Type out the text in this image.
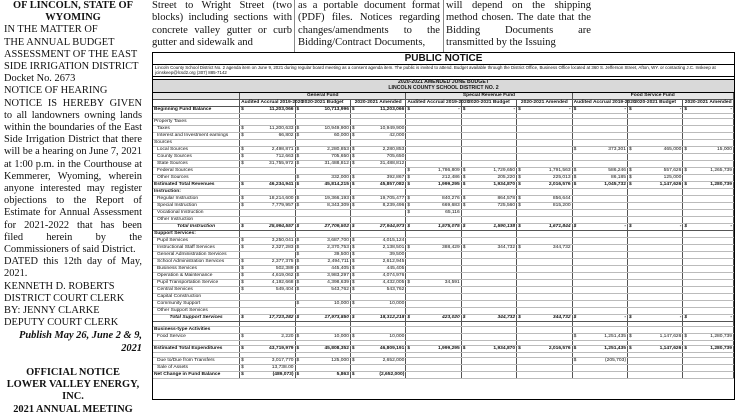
OF LINCOLN, STATE OF WYOMING
IN THE MATTER OF
THE ANNUAL BUDGET
ASSESSMENT OF THE EAST
SIDE IRRIGATION DISTRICT
Docket No. 2673
NOTICE OF HEARING
NOTICE IS HEREBY GIVEN to all landowners owning lands within the boundaries of the East Side Irrigation District that there will be a hearing on June 7, 2021 at 1:00 p.m. in the Courthouse at Kemmerer, Wyoming, wherein anyone interested may register objections to the Report of Estimate for Annual Assessment for 2021-2022 that has been filed herein by the Commissioners of said District.
DATED this 12th day of May, 2021.
KENNETH D. ROBERTS
DISTRICT COURT CLERK
BY: JENNY CLARKE
DEPUTY COURT CLERK
Publish May 26, June 2 & 9, 2021
OFFICIAL NOTICE
LOWER VALLEY ENERGY, INC.
2021 ANNUAL MEETING
Street to Wright Street (two blocks) including sections with concrete valley gutter or curb gutter and sidewalk and
as a portable document format (PDF) files. Notices regarding changes/amendments to the Bidding/Contract Documents,
will depend on the shipping method chosen. The date that the Bidding Documents are transmitted by the Issuing
PUBLIC NOTICE
Lincoln County School District No. 2 agenda item on June 9, 2021 during regular board meeting as a consent agenda item. The public is invited to attend. Budget available through the District Office, Business Office located at 360 S. Jefferson Street, Afton, WY. or contacting J.C. Inskeep at jcinskeep@lcsd2.org (307) 885-7142
2020-2021 AMENDED JUNE BUDGET
LINCOLN COUNTY SCHOOL DISTRICT NO. 2
	General Fund						Special Revenue Fund						Food Service Fund					
	Audited Accrual 2019-2020		2020-2021 Budget		2020-2021 Amended		Audited Accrual 2019-2020		2020-2021 Budget		2020-2021 Amended		Audited Accrual 2019-2020		2020-2021 Budget		2020-2021 Amended	
Beginning Fund Balance	$	11,203,066	$	10,713,996	$	11,203,066	$	-	$	-	$	-	$	-	$	-	$	-

Property Taxes																		
Taxes	$	11,200,633	$	10,949,900	$	10,949,900												
Interest and Investment earnings	$	66,802	$	60,000	$	42,000												
Sources																		
Local Sources	$	2,498,871	$	2,280,853	$	2,280,853							$	373,301	$	465,000	$	15,000
County Sources	$	712,663	$	705,650	$	705,650												
State Sources	$	31,755,972	$	31,488,812	$	31,488,812												
Federal Sources							$	1,786,809	$	1,729,650	$	1,791,563	$	586,246	$	557,626	$	1,265,739
Other Sources			$	332,000	$	392,867	$	212,486	$	205,220	$	225,013	$	86,185	$	125,000		
Estimated Total Revenues	$	46,234,941	$	45,814,215	$	45,857,082	$	1,999,295	$	1,934,870	$	2,016,576	$	1,045,732	$	1,147,626	$	1,280,739
Instruction:																		
Regular Instruction	$	18,214,600	$	19,366,193	$	19,705,477	$	840,276	$	864,578	$	856,644						
Special Instruction	$	7,779,957	$	8,343,309	$	8,239,496	$	669,683	$	725,560	$	815,200						
Vocational Instruction							$	65,116										
Other Instruction																		
Total Instruction	$	25,994,557	$	27,709,502	$	27,944,973	$	1,575,075	$	1,590,138	$	1,671,844	$	-	$	-	$	-
Support Services:																		
Pupil Services	$	3,250,041	$	3,687,700	$	4,015,124												
Instructional Staff Services	$	2,327,283	$	2,370,753	$	2,138,501	$	388,429	$	344,732	$	344,732						
General Administration Services			$	39,500	$	39,500												
School Administration Services	$	2,377,375	$	2,494,711	$	2,612,945												
Business Services	$	502,389	$	445,405	$	445,405												
Operation & Maintenance	$	4,619,062	$	3,983,297	$	4,074,976												
Pupil Transportation Service	$	4,192,668	$	4,398,639	$	4,432,005	$	34,591										
Central Services	$	549,404	$	543,762	$	543,762												
Capital Construction																		
Community Support			$	10,000	$	10,000												
Other Support Services																		
Total Support Services	$	17,723,282	$	17,973,850	$	18,312,218	$	423,020	$	344,732	$	344,732	$	-	$	-	$	-

Business-type Activities																		
Food Service	$	2,220	$	10,000	$	10,000							$	1,251,435	$	1,147,626	$	1,280,739

Estimated Total Expenditures	$	43,719,979	$	45,808,352	$	46,809,191	$	1,999,295	$	1,934,870	$	2,016,576	$	1,251,435	$	1,147,626	$	1,280,739

Due to/Due from Transfers	$	3,017,770	$	125,000	$	2,652,000							$	(205,703)				
Sale of Assets	$	13,738.00																
Net Change in Fund Balance	$	(489,073)	$	5,863	$	(2,652,000)												
